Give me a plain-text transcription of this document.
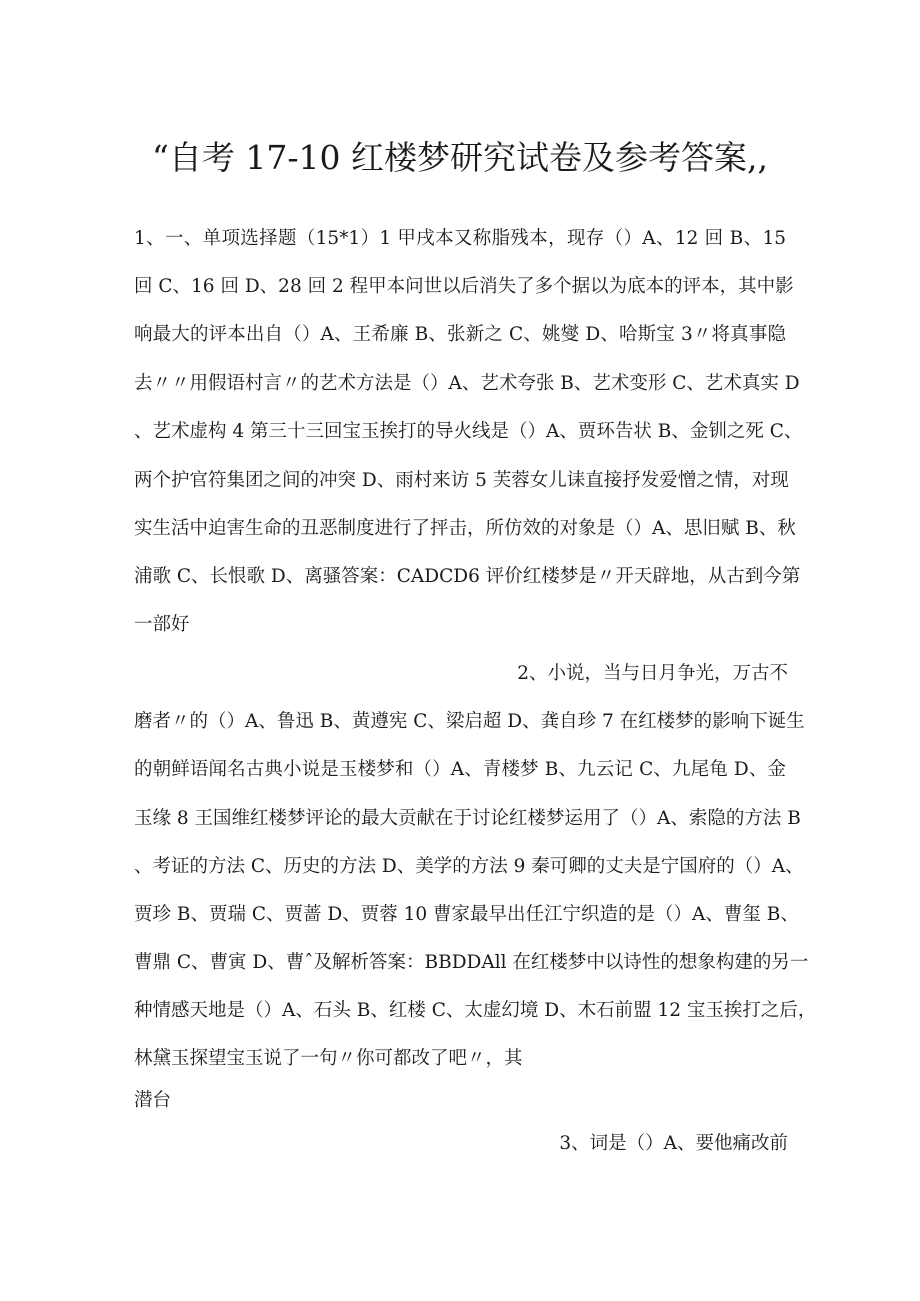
“自考 17-10 红楼梦研究试卷及参考答案,,
1、一、单项选择题（15*1）1 甲戌本又称脂残本，现存（）A、12 回 B、15
回 C、16 回 D、28 回 2 程甲本问世以后消失了多个据以为底本的评本，其中影
响最大的评本出自（）A、王希廉 B、张新之 C、姚燮 D、哈斯宝 3〃将真事隐
去〃〃用假语村言〃的艺术方法是（）A、艺术夸张 B、艺术变形 C、艺术真实 D
、艺术虚构 4 第三十三回宝玉挨打的导火线是（）A、贾环告状 B、金钏之死 C、
两个护官符集团之间的冲突 D、雨村来访 5 芙蓉女儿诔直接抒发爱憎之情，对现
实生活中迫害生命的丑恶制度进行了抨击，所仿效的对象是（）A、思旧赋 B、秋
浦歌 C、长恨歌 D、离骚答案：CADCD6 评价红楼梦是〃开天辟地，从古到今第
一部好
2、小说，当与日月争光，万古不
磨者〃的（）A、鲁迅 B、黄遵宪 C、梁启超 D、龚自珍 7 在红楼梦的影响下诞生
的朝鲜语闻名古典小说是玉楼梦和（）A、青楼梦 B、九云记 C、九尾龟 D、金
玉缘 8 王国维红楼梦评论的最大贡献在于讨论红楼梦运用了（）A、索隐的方法 B
、考证的方法 C、历史的方法 D、美学的方法 9 秦可卿的丈夫是宁国府的（）A、
贾珍 B、贾瑞 C、贾蔷 D、贾蓉 10 曹家最早出任江宁织造的是（）A、曹玺 B、
曹鼎 C、曹寅 D、曹ˆ及解析答案：BBDDAll 在红楼梦中以诗性的想象构建的另一
种情感天地是（）A、石头 B、红楼 C、太虚幻境 D、木石前盟 12 宝玉挨打之后，
林黛玉探望宝玉说了一句〃你可都改了吧〃，其
潜台
3、词是（）A、要他痛改前
